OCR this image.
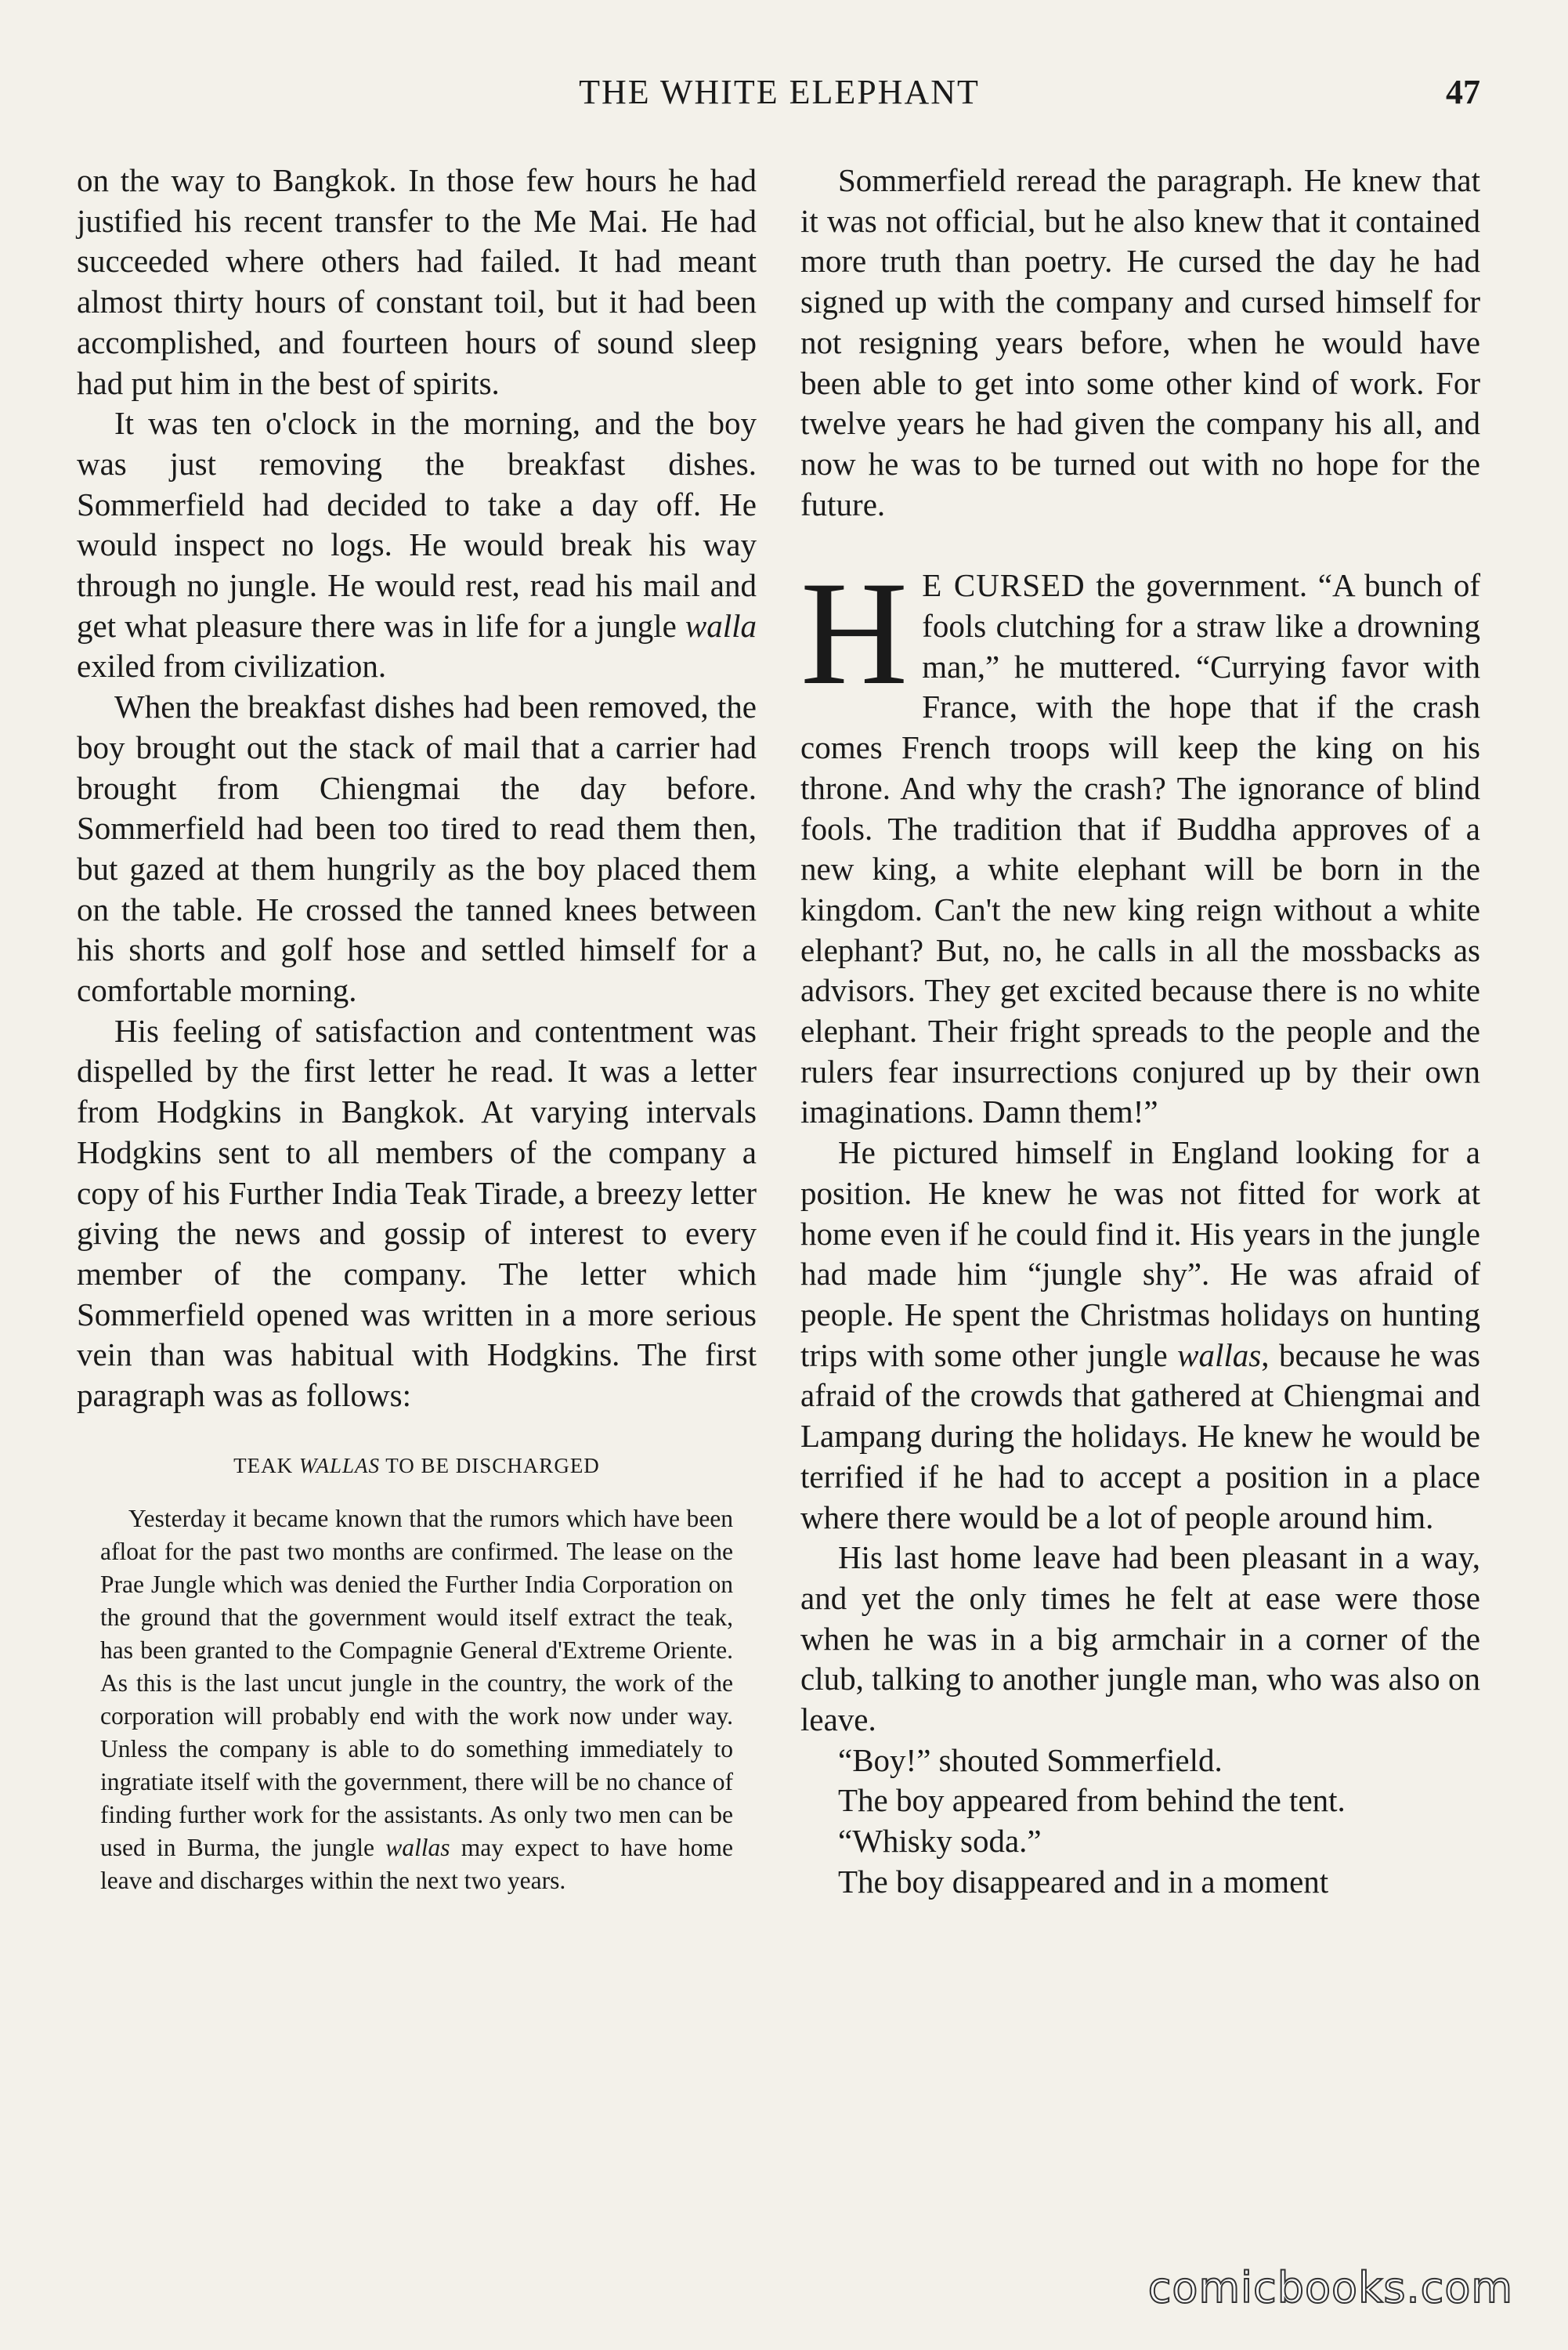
THE WHITE ELEPHANT	47

on the way to Bangkok. In those few hours he had justified his recent transfer to the Me Mai. He had succeeded where others had failed. It had meant almost thirty hours of constant toil, but it had been accomplished, and fourteen hours of sound sleep had put him in the best of spirits.

It was ten o'clock in the morning, and the boy was just removing the breakfast dishes. Sommerfield had decided to take a day off. He would inspect no logs. He would break his way through no jungle. He would rest, read his mail and get what pleasure there was in life for a jungle walla exiled from civilization.

When the breakfast dishes had been removed, the boy brought out the stack of mail that a carrier had brought from Chiengmai the day before. Sommerfield had been too tired to read them then, but gazed at them hungrily as the boy placed them on the table. He crossed the tanned knees between his shorts and golf hose and settled himself for a comfortable morning.

His feeling of satisfaction and contentment was dispelled by the first letter he read. It was a letter from Hodgkins in Bangkok. At varying intervals Hodgkins sent to all members of the company a copy of his Further India Teak Tirade, a breezy letter giving the news and gossip of interest to every member of the company. The letter which Sommerfield opened was written in a more serious vein than was habitual with Hodgkins. The first paragraph was as follows:

TEAK WALLAS TO BE DISCHARGED

Yesterday it became known that the rumors which have been afloat for the past two months are confirmed. The lease on the Prae Jungle which was denied the Further India Corporation on the ground that the government would itself extract the teak, has been granted to the Compagnie General d'Extreme Oriente. As this is the last uncut jungle in the country, the work of the corporation will probably end with the work now under way. Unless the company is able to do something immediately to ingratiate itself with the government, there will be no chance of finding further work for the assistants. As only two men can be used in Burma, the jungle wallas may expect to have home leave and discharges within the next two years.

Sommerfield reread the paragraph. He knew that it was not official, but he also knew that it contained more truth than poetry. He cursed the day he had signed up with the company and cursed himself for not resigning years before, when he would have been able to get into some other kind of work. For twelve years he had given the company his all, and now he was to be turned out with no hope for the future.

H E CURSED the government. “A bunch of fools clutching for a straw like a drowning man,” he muttered. “Currying favor with France, with the hope that if the crash comes French troops will keep the king on his throne. And why the crash? The ignorance of blind fools. The tradition that if Buddha approves of a new king, a white elephant will be born in the kingdom. Can't the new king reign without a white elephant? But, no, he calls in all the mossbacks as advisors. They get excited because there is no white elephant. Their fright spreads to the people and the rulers fear insurrections conjured up by their own imaginations. Damn them!”

He pictured himself in England looking for a position. He knew he was not fitted for work at home even if he could find it. His years in the jungle had made him “jungle shy”. He was afraid of people. He spent the Christmas holidays on hunting trips with some other jungle wallas, because he was afraid of the crowds that gathered at Chiengmai and Lampang during the holidays. He knew he would be terrified if he had to accept a position in a place where there would be a lot of people around him.

His last home leave had been pleasant in a way, and yet the only times he felt at ease were those when he was in a big armchair in a corner of the club, talking to another jungle man, who was also on leave.

“Boy!” shouted Sommerfield.

The boy appeared from behind the tent.

“Whisky soda.”

The boy disappeared and in a moment

comicbooks.com
